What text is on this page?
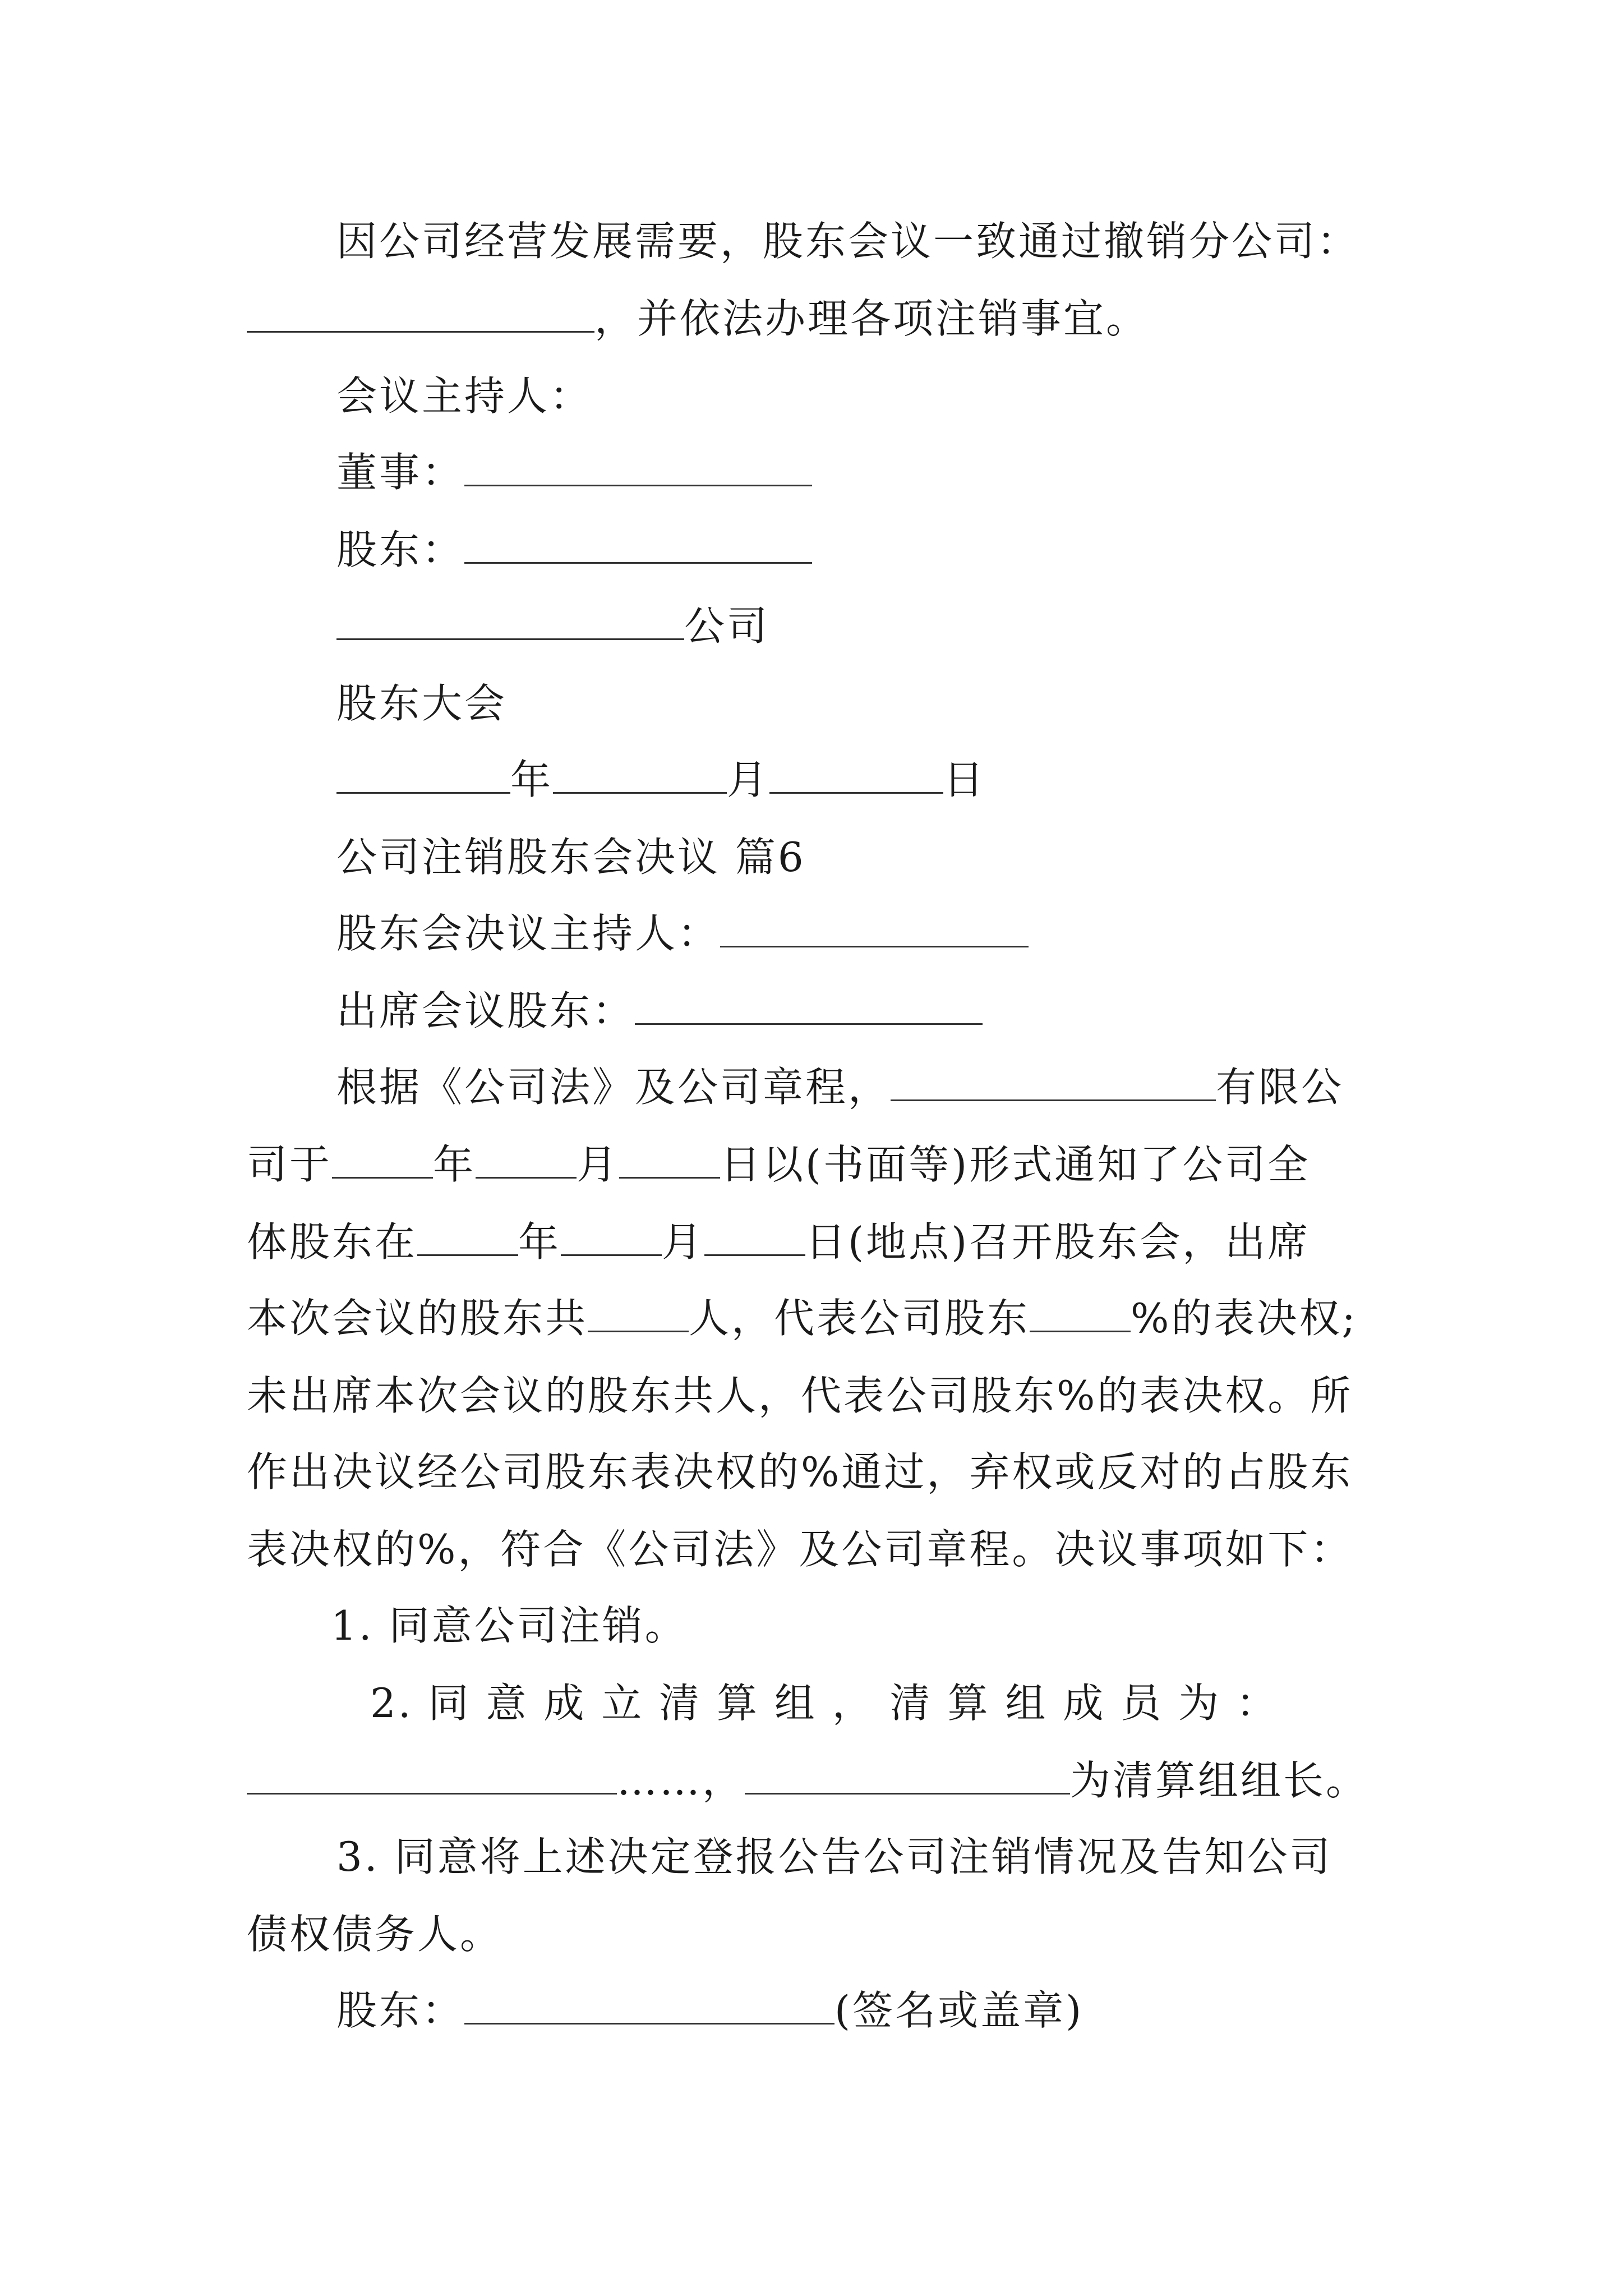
因公司经营发展需要，股东会议一致通过撤销分公司：
，并依法办理各项注销事宜。
会议主持人：
董事：
股东：
公司
股东大会
年	月	日
公司注销股东会决议 篇6
股东会决议主持人：
出席会议股东：
根据《公司法》及公司章程，	有限公
司于	年	月	日以(书面等)形式通知了公司全
体股东在	年	月	日(地点)召开股东会，出席
本次会议的股东共	人，代表公司股东	%的表决权;
未出席本次会议的股东共人，代表公司股东%的表决权。所
作出决议经公司股东表决权的%通过，弃权或反对的占股东
表决权的%，符合《公司法》及公司章程。决议事项如下：
1. 同意公司注销。
2. 同 意 成 立 清 算 组 ， 清 算 组 成 员 为 ：
……，	为清算组组长。
3. 同意将上述决定登报公告公司注销情况及告知公司
债权债务人。
股东：	(签名或盖章)
